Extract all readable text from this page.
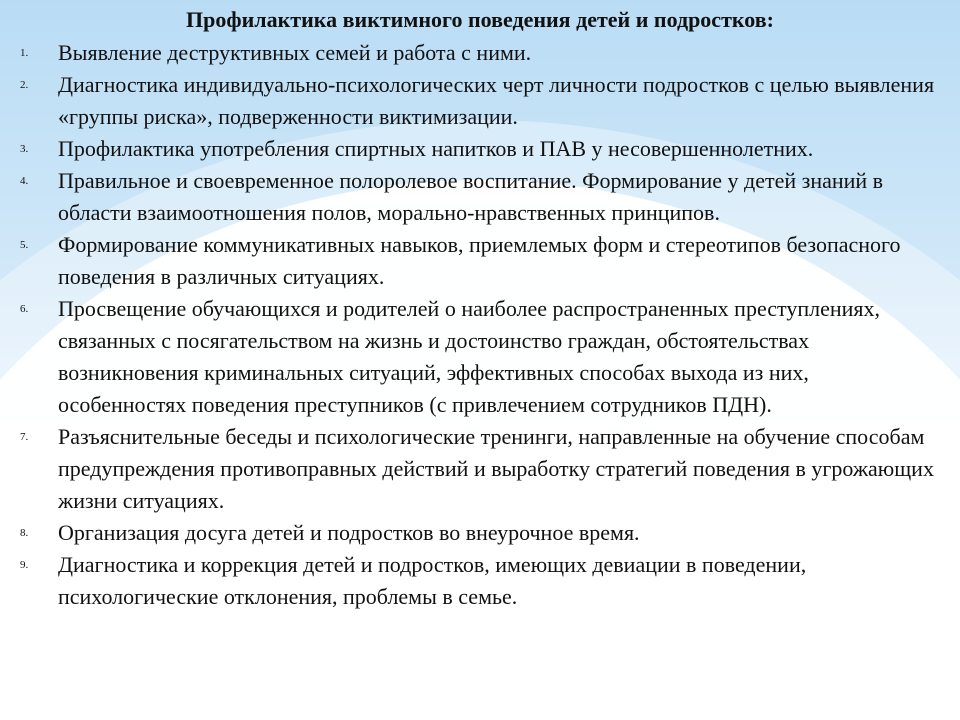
Профилактика виктимного поведения детей и подростков:
1. Выявление деструктивных семей и работа с ними.
2. Диагностика индивидуально-психологических черт личности подростков с целью выявления «группы риска», подверженности виктимизации.
3. Профилактика употребления спиртных напитков и ПАВ у несовершеннолетних.
4. Правильное и своевременное полоролевое воспитание. Формирование у детей знаний в области взаимоотношения полов, морально-нравственных принципов.
5. Формирование коммуникативных навыков, приемлемых форм и стереотипов безопасного поведения в различных ситуациях.
6. Просвещение обучающихся и родителей о наиболее распространенных преступлениях, связанных с посягательством на жизнь и достоинство граждан, обстоятельствах возникновения криминальных ситуаций, эффективных способах выхода из них, особенностях поведения преступников (с привлечением сотрудников ПДН).
7. Разъяснительные беседы и психологические тренинги, направленные на обучение способам предупреждения противоправных действий и выработку стратегий поведения в угрожающих жизни ситуациях.
8. Организация досуга детей и подростков во внеурочное время.
9. Диагностика и коррекция детей и подростков, имеющих девиации в поведении, психологические отклонения, проблемы в семье.
